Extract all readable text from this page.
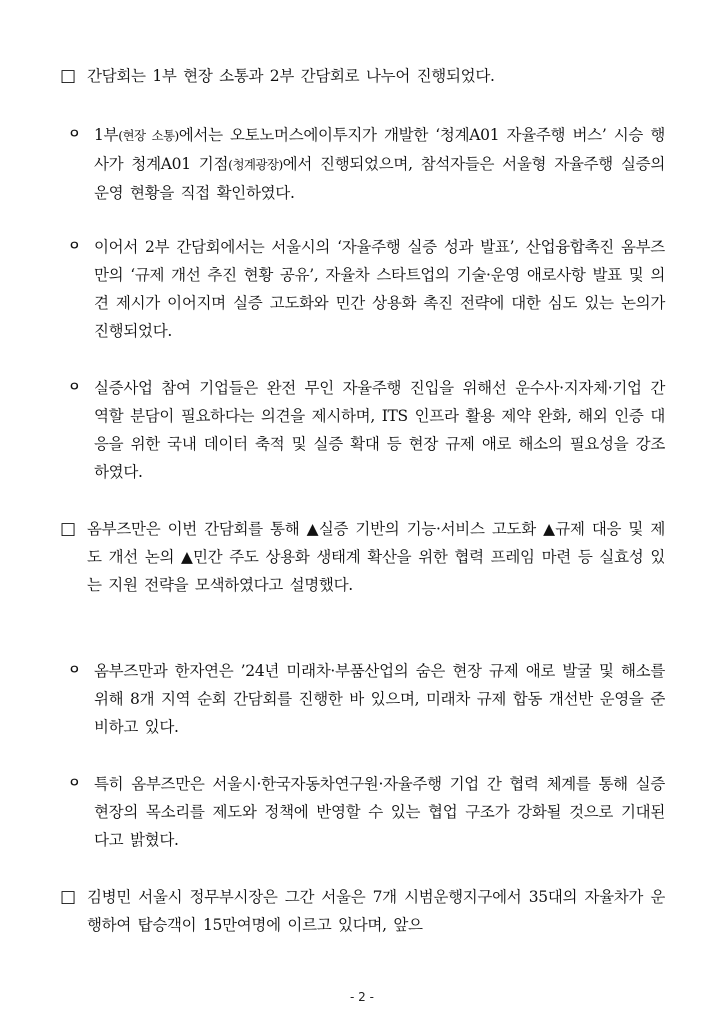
□ 간담회는 1부 현장 소통과 2부 간담회로 나누어 진행되었다.
ㅇ 1부(현장 소통)에서는 오토노머스에이투지가 개발한 ‘청계A01 자율주행 버스’ 시승 행사가 청계A01 기점(청계광장)에서 진행되었으며, 참석자들은 서울형 자율주행 실증의 운영 현황을 직접 확인하였다.
ㅇ 이어서 2부 간담회에서는 서울시의 ‘자율주행 실증 성과 발표’, 산업융합촉진 옴부즈만의 ‘규제 개선 추진 현황 공유’, 자율차 스타트업의 기술·운영 애로사항 발표 및 의견 제시가 이어지며 실증 고도화와 민간 상용화 촉진 전략에 대한 심도 있는 논의가 진행되었다.
ㅇ 실증사업 참여 기업들은 완전 무인 자율주행 진입을 위해선 운수사·지자체·기업 간 역할 분담이 필요하다는 의견을 제시하며, ITS 인프라 활용 제약 완화, 해외 인증 대응을 위한 국내 데이터 축적 및 실증 확대 등 현장 규제 애로 해소의 필요성을 강조하였다.
□ 옴부즈만은 이번 간담회를 통해 ▲실증 기반의 기능·서비스 고도화 ▲규제 대응 및 제도 개선 논의 ▲민간 주도 상용화 생태계 확산을 위한 협력 프레임 마련 등 실효성 있는 지원 전략을 모색하였다고 설명했다.
ㅇ 옴부즈만과 한자연은 ’24년 미래차·부품산업의 숨은 현장 규제 애로 발굴 및 해소를 위해 8개 지역 순회 간담회를 진행한 바 있으며, 미래차 규제 합동 개선반 운영을 준비하고 있다.
ㅇ 특히 옴부즈만은 서울시·한국자동차연구원·자율주행 기업 간 협력 체계를 통해 실증 현장의 목소리를 제도와 정책에 반영할 수 있는 협업 구조가 강화될 것으로 기대된다고 밝혔다.
□ 김병민 서울시 정무부시장은 그간 서울은 7개 시범운행지구에서 35대의 자율차가 운행하여 탑승객이 15만여명에 이르고 있다며, 앞으
- 2 -
